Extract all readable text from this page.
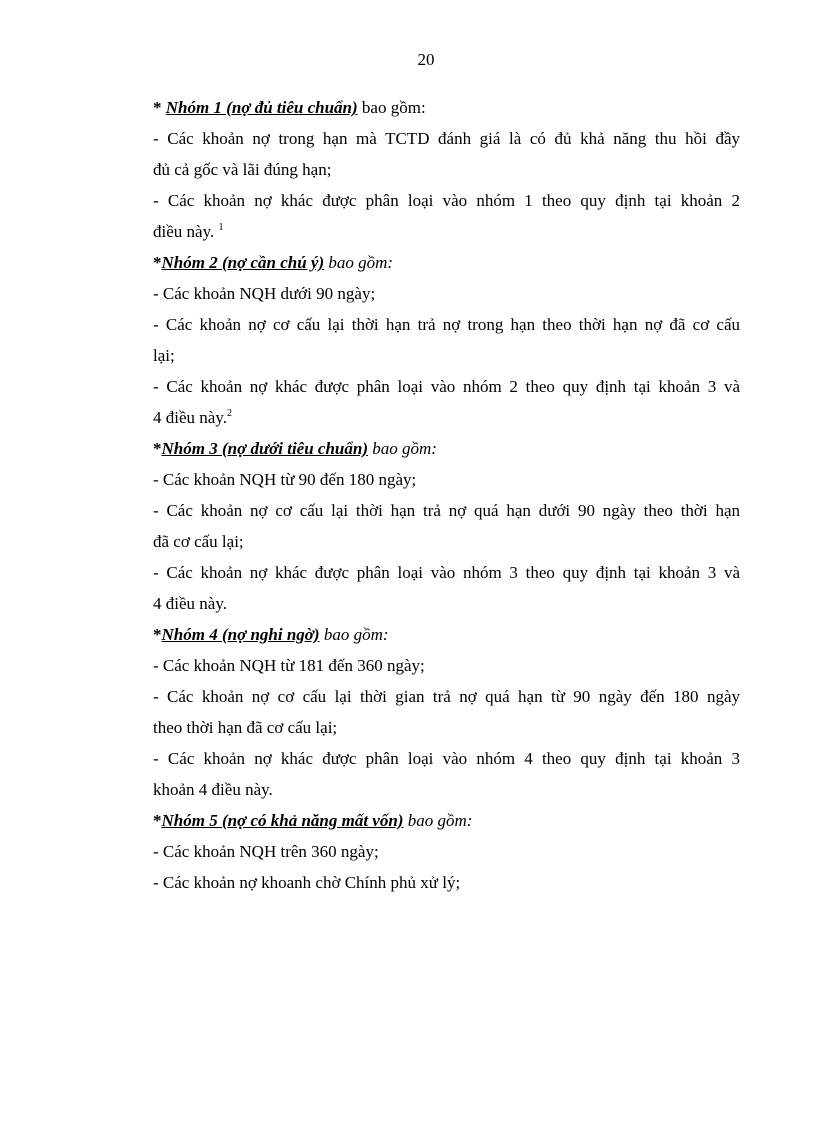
20
* Nhóm 1 (nợ đủ tiêu chuẩn) bao gồm:
- Các khoản nợ trong hạn mà TCTD đánh giá là có đủ khả năng thu hồi đầy
đủ cả gốc và lãi đúng hạn;
- Các khoản nợ khác được phân loại vào nhóm 1 theo quy định tại khoản 2
điều này. $^1$
*Nhóm 2 (nợ cần chú ý) bao gồm:
- Các khoản NQH dưới 90 ngày;
- Các khoản nợ cơ cấu lại thời hạn trả nợ trong hạn theo thời hạn nợ đã cơ cấu
lại;
- Các khoản nợ khác được phân loại vào nhóm 2 theo quy định tại khoản 3 và
4 điều này.$^2$
*Nhóm 3 (nợ dưới tiêu chuẩn) bao gồm:
- Các khoản NQH từ 90 đến 180 ngày;
- Các khoản nợ cơ cấu lại thời hạn trả nợ quá hạn dưới 90 ngày theo thời hạn
đã cơ cấu lại;
- Các khoản nợ khác được phân loại vào nhóm 3 theo quy định tại khoản 3 và
4 điều này.
*Nhóm 4 (nợ nghi ngờ) bao gồm:
- Các khoản NQH từ 181 đến 360 ngày;
- Các khoản nợ cơ cấu lại thời gian trả nợ quá hạn từ 90 ngày đến 180 ngày
theo thời hạn đã cơ cấu lại;
- Các khoản nợ khác được phân loại vào nhóm 4 theo quy định tại khoản 3
khoản 4 điều này.
*Nhóm 5 (nợ có khả năng mất vốn) bao gồm:
- Các khoản NQH trên 360 ngày;
- Các khoản nợ khoanh chờ Chính phủ xử lý;
